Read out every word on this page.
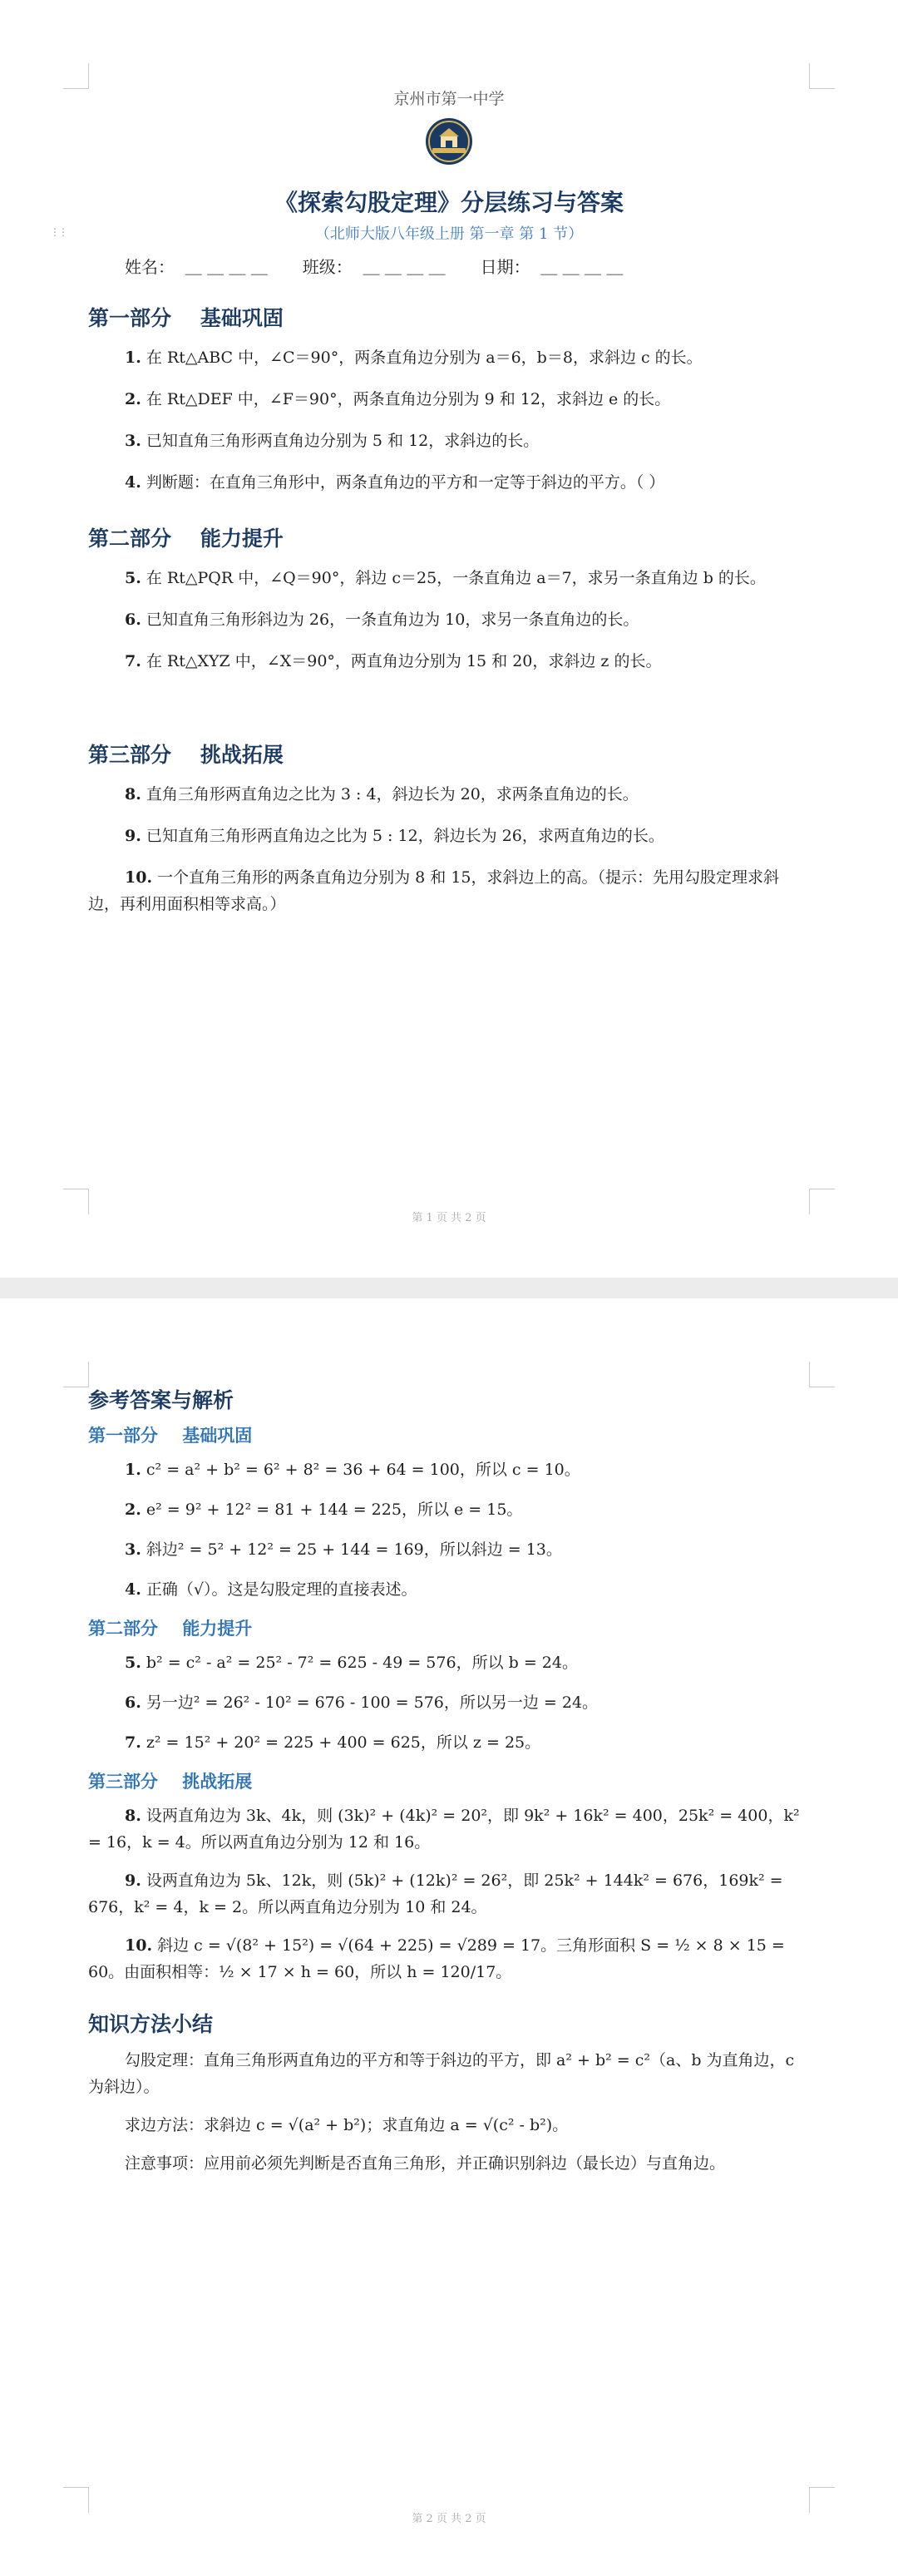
京州市第一中学
⋮⋮
《探索勾股定理》分层练习与答案
（北师大版八年级上册 第一章 第 1 节）
姓名：  ＿ ＿ ＿ ＿ 班级：  ＿ ＿ ＿ ＿ 日期：  ＿ ＿ ＿ ＿
第一部分    基础巩固

1. 在 Rt△ABC 中，∠C＝90°，两条直角边分别为 a＝6，b＝8，求斜边 c 的长。

2. 在 Rt△DEF 中，∠F＝90°，两条直角边分别为 9 和 12，求斜边 e 的长。

3. 已知直角三角形两直角边分别为 5 和 12，求斜边的长。

4. 判断题：在直角三角形中，两条直角边的平方和一定等于斜边的平方。（ ）

第二部分    能力提升

5. 在 Rt△PQR 中，∠Q＝90°，斜边 c＝25，一条直角边 a＝7，求另一条直角边 b 的长。

6. 已知直角三角形斜边为 26，一条直角边为 10，求另一条直角边的长。

7. 在 Rt△XYZ 中，∠X＝90°，两直角边分别为 15 和 20，求斜边 z 的长。

第三部分    挑战拓展

8. 直角三角形两直角边之比为 3 : 4，斜边长为 20，求两条直角边的长。

9. 已知直角三角形两直角边之比为 5 : 12，斜边长为 26，求两直角边的长。

10. 一个直角三角形的两条直角边分别为 8 和 15，求斜边上的高。（提示：先用勾股定理求斜边，再利用面积相等求高。）

第 1 页 共 2 页
参考答案与解析
第一部分    基础巩固

1. c² = a² + b² = 6² + 8² = 36 + 64 = 100，所以 c = 10。

2. e² = 9² + 12² = 81 + 144 = 225，所以 e = 15。

3. 斜边² = 5² + 12² = 25 + 144 = 169，所以斜边 = 13。

4. 正确（√）。这是勾股定理的直接表述。

第二部分    能力提升

5. b² = c² - a² = 25² - 7² = 625 - 49 = 576，所以 b = 24。

6. 另一边² = 26² - 10² = 676 - 100 = 576，所以另一边 = 24。

7. z² = 15² + 20² = 225 + 400 = 625，所以 z = 25。

第三部分    挑战拓展

8. 设两直角边为 3k、4k，则 (3k)² + (4k)² = 20²，即 9k² + 16k² = 400，25k² = 400，k² = 16，k = 4。所以两直角边分别为 12 和 16。

9. 设两直角边为 5k、12k，则 (5k)² + (12k)² = 26²，即 25k² + 144k² = 676，169k² = 676，k² = 4，k = 2。所以两直角边分别为 10 和 24。

10. 斜边 c = √(8² + 15²) = √(64 + 225) = √289 = 17。三角形面积 S = ½ × 8 × 15 = 60。由面积相等：½ × 17 × h = 60，所以 h = 120/17。

知识方法小结

勾股定理：直角三角形两直角边的平方和等于斜边的平方，即 a² + b² = c²（a、b 为直角边，c 为斜边）。

求边方法：求斜边 c = √(a² + b²)；求直角边 a = √(c² - b²)。

注意事项：应用前必须先判断是否直角三角形，并正确识别斜边（最长边）与直角边。

第 2 页 共 2 页
